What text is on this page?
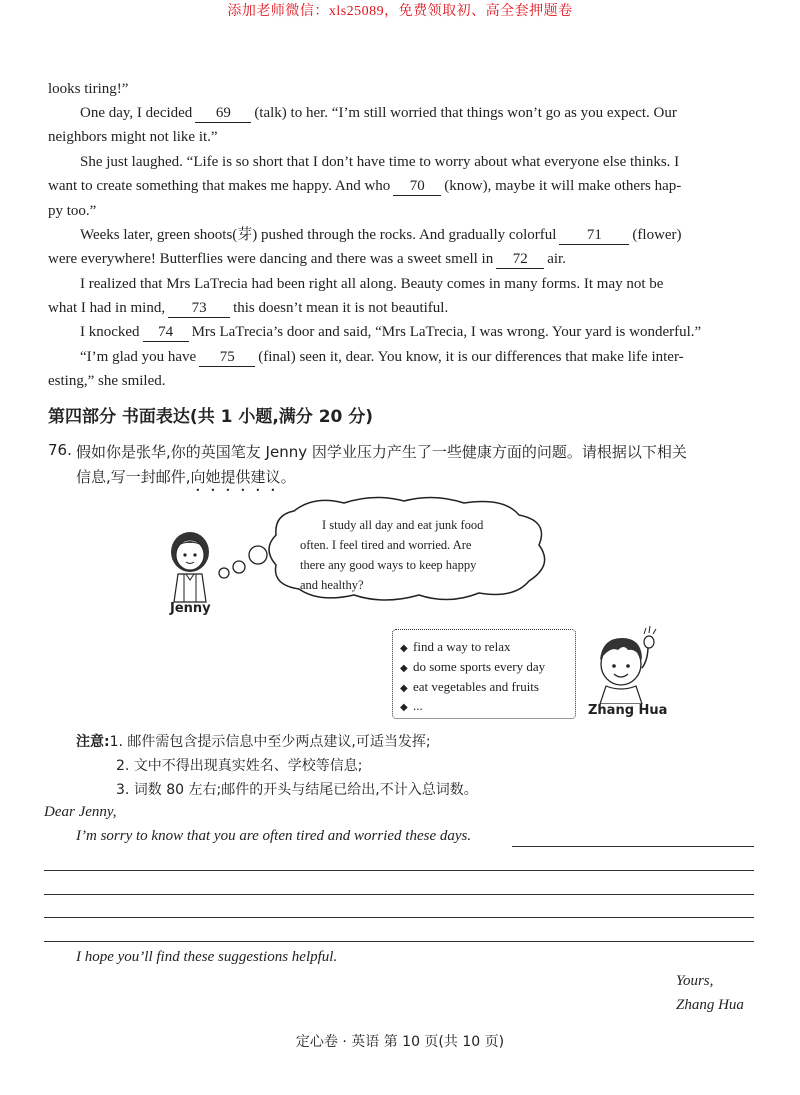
添加老师微信：xls25089，免费领取初、高全套押题卷
looks tiring!”
One day, I decided 69 (talk) to her. “I’m still worried that things won’t go as you expect. Our
neighbors might not like it.”
She just laughed. “Life is so short that I don’t have time to worry about what everyone else thinks. I
want to create something that makes me happy. And who 70 (know), maybe it will make others hap-
py too.”
Weeks later, green shoots(芽) pushed through the rocks. And gradually colorful 71 (flower)
were everywhere! Butterflies were dancing and there was a sweet smell in 72 air.
I realized that Mrs LaTrecia had been right all along. Beauty comes in many forms. It may not be
what I had in mind, 73 this doesn’t mean it is not beautiful.
I knocked 74 Mrs LaTrecia’s door and said, “Mrs LaTrecia, I was wrong. Your yard is wonderful.”
“I’m glad you have 75 (final) seen it, dear. You know, it is our differences that make life inter-
esting,” she smiled.
第四部分 书面表达(共 1 小题,满分 20 分)
76. 假如你是张华,你的英国笔友 Jenny 因学业压力产生了一些健康方面的问题。请根据以下相关
信息,写一封邮件,向她提供建议。
Jenny
I study all day and eat junk food
often. I feel tired and worried. Are
there any good ways to keep happy
and healthy?
◆ find a way to relax
◆ do some sports every day
◆ eat vegetables and fruits
◆ ...	Zhang Hua
注意:1. 邮件需包含提示信息中至少两点建议,可适当发挥;
2. 文中不得出现真实姓名、学校等信息;
3. 词数 80 左右;邮件的开头与结尾已给出,不计入总词数。
Dear Jenny,
I’m sorry to know that you are often tired and worried these days.
I hope you’ll find these suggestions helpful.
Yours,
Zhang Hua
定心卷 · 英语 第 10 页(共 10 页)
